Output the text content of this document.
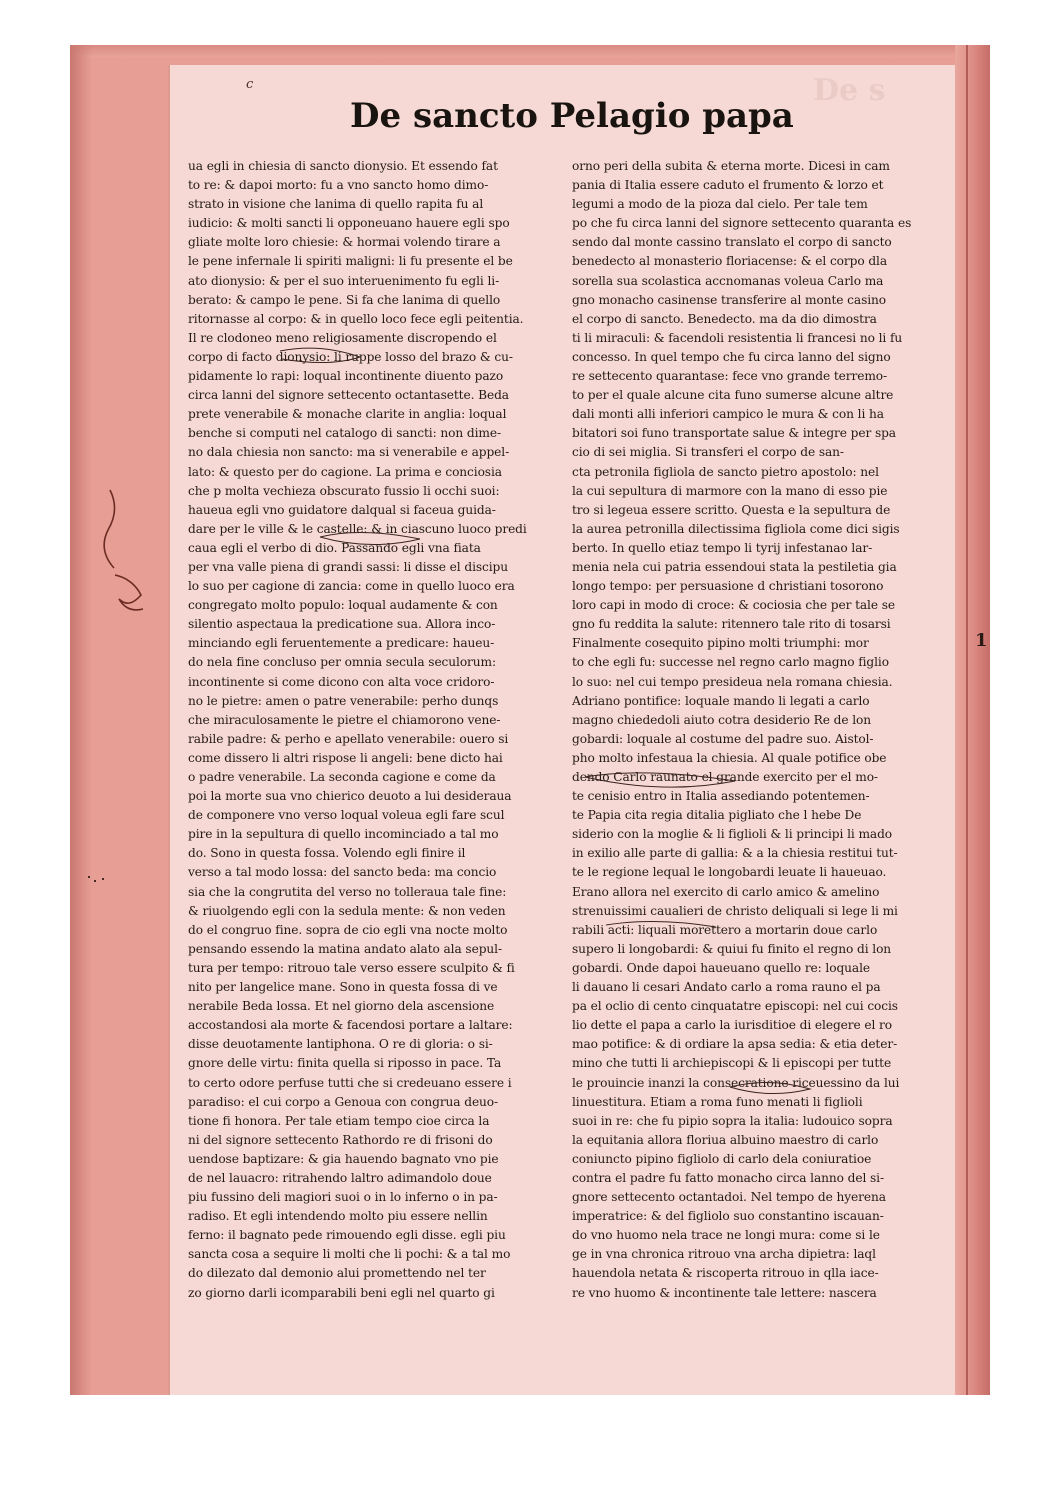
De s
c
De sancto Pelagio papa
ua egli in chiesia di sancto dionysio. Et essendo fat
to re: & dapoi morto: fu a vno sancto homo dimo-
strato in visione che lanima di quello rapita fu al
iudicio: & molti sancti li opponeuano hauere egli spo
gliate molte loro chiesie: & hormai volendo tirare a
le pene infernale li spiriti maligni: li fu presente el be
ato dionysio: & per el suo interuenimento fu egli li-
berato: & campo le pene. Si fa che lanima di quello
ritornasse al corpo: & in quello loco fece egli peitentia.
Il re clodoneo meno religiosamente discropendo el
corpo di facto dionysio: li ruppe losso del brazo & cu-
pidamente lo rapi: loqual incontinente diuento pazo
circa lanni del signore settecento octantasette. Beda
prete venerabile & monache clarite in anglia: loqual
benche si computi nel catalogo di sancti: non dime-
no dala chiesia non sancto: ma si venerabile e appel-
lato: & questo per do cagione. La prima e conciosia
che p molta vechieza obscurato fussio li occhi suoi:
haueua egli vno guidatore dalqual si faceua guida-
dare per le ville & le castelle: & in ciascuno luoco predi
caua egli el verbo di dio. Passando egli vna fiata
per vna valle piena di grandi sassi: li disse el discipu
lo suo per cagione di zancia: come in quello luoco era
congregato molto populo: loqual audamente & con
silentio aspectaua la predicatione sua. Allora inco-
minciando egli feruentemente a predicare: haueu-
do nela fine concluso per omnia secula seculorum:
incontinente si come dicono con alta voce cridoro-
no le pietre: amen o patre venerabile: perho dunqs
che miraculosamente le pietre el chiamorono vene-
rabile padre: & perho e apellato venerabile: ouero si
come dissero li altri rispose li angeli: bene dicto hai
o padre venerabile. La seconda cagione e come da
poi la morte sua vno chierico deuoto a lui desideraua
de componere vno verso loqual voleua egli fare scul
pire in la sepultura di quello incominciado a tal mo
do. Sono in questa fossa. Volendo egli finire il
verso a tal modo lossa: del sancto beda: ma concio
sia che la congrutita del verso no tolleraua tale fine:
& riuolgendo egli con la sedula mente: & non veden
do el congruo fine. sopra de cio egli vna nocte molto
pensando essendo la matina andato alato ala sepul-
tura per tempo: ritrouo tale verso essere sculpito & fi
nito per langelice mane. Sono in questa fossa di ve
nerabile Beda lossa. Et nel giorno dela ascensione
accostandosi ala morte & facendosi portare a laltare:
disse deuotamente lantiphona. O re di gloria: o si-
gnore delle virtu: finita quella si riposso in pace. Ta
to certo odore perfuse tutti che si credeuano essere i
paradiso: el cui corpo a Genoua con congrua deuo-
tione fi honora. Per tale etiam tempo cioe circa la
ni del signore settecento Rathordo re di frisoni do
uendose baptizare: & gia hauendo bagnato vno pie
de nel lauacro: ritrahendo laltro adimandolo doue
piu fussino deli magiori suoi o in lo inferno o in pa-
radiso. Et egli intendendo molto piu essere nellin
ferno: il bagnato pede rimouendo egli disse. egli piu
sancta cosa a sequire li molti che li pochi: & a tal mo
do dilezato dal demonio alui promettendo nel ter
zo giorno darli icomparabili beni egli nel quarto gi
orno peri della subita & eterna morte. Dicesi in cam
pania di Italia essere caduto el frumento & lorzo et
legumi a modo de la pioza dal cielo. Per tale tem
po che fu circa lanni del signore settecento quaranta es
sendo dal monte cassino translato el corpo di sancto
benedecto al monasterio floriacense: & el corpo dla
sorella sua scolastica accnomanas voleua Carlo ma
gno monacho casinense transferire al monte casino
el corpo di sancto. Benedecto. ma da dio dimostra
ti li miraculi: & facendoli resistentia li francesi no li fu
concesso. In quel tempo che fu circa lanno del signo
re settecento quarantase: fece vno grande terremo-
to per el quale alcune cita funo sumerse alcune altre
dali monti alli inferiori campico le mura & con li ha
bitatori soi funo transportate salue & integre per spa
cio di sei miglia. Si transferi el corpo de san-
cta petronila figliola de sancto pietro apostolo: nel
la cui sepultura di marmore con la mano di esso pie
tro si legeua essere scritto. Questa e la sepultura de
la aurea petronilla dilectissima figliola come dici sigis
berto. In quello etiaz tempo li tyrij infestanao lar-
menia nela cui patria essendoui stata la pestiletia gia
longo tempo: per persuasione d christiani tosorono
loro capi in modo di croce: & cociosia che per tale se
gno fu reddita la salute: ritennero tale rito di tosarsi
Finalmente cosequito pipino molti triumphi: mor
to che egli fu: successe nel regno carlo magno figlio
lo suo: nel cui tempo presideua nela romana chiesia.
Adriano pontifice: loquale mando li legati a carlo
magno chiededoli aiuto cotra desiderio Re de lon
gobardi: loquale al costume del padre suo. Aistol-
pho molto infestaua la chiesia. Al quale potifice obe
dendo Carlo raunato el grande exercito per el mo-
te cenisio entro in Italia assediando potentemen-
te Papia cita regia ditalia pigliato che l hebe De
siderio con la moglie & li figlioli & li principi li mado
in exilio alle parte di gallia: & a la chiesia restitui tut-
te le regione lequal le longobardi leuate li haueuao.
Erano allora nel exercito di carlo amico & amelino
strenuissimi caualieri de christo deliquali si lege li mi
rabili acti: liquali morettero a mortarin doue carlo
supero li longobardi: & quiui fu finito el regno di lon
gobardi. Onde dapoi haueuano quello re: loquale
li dauano li cesari Andato carlo a roma rauno el pa
pa el oclio di cento cinquatatre episcopi: nel cui cocis
lio dette el papa a carlo la iurisditioe di elegere el ro
mao potifice: & di ordiare la apsa sedia: & etia deter-
mino che tutti li archiepiscopi & li episcopi per tutte
le prouincie inanzi la consecratione riceuessino da lui
linuestitura. Etiam a roma funo menati li figlioli
suoi in re: che fu pipio sopra la italia: ludouico sopra
la equitania allora floriua albuino maestro di carlo
coniuncto pipino figliolo di carlo dela coniuratioe
contra el padre fu fatto monacho circa lanno del si-
gnore settecento octantadoi. Nel tempo de hyerena
imperatrice: & del figliolo suo constantino iscauan-
do vno huomo nela trace ne longi mura: come si le
ge in vna chronica ritrouo vna archa dipietra: laql
hauendola netata & riscoperta ritrouo in qlla iace-
re vno huomo & incontinente tale lettere: nascera
1
